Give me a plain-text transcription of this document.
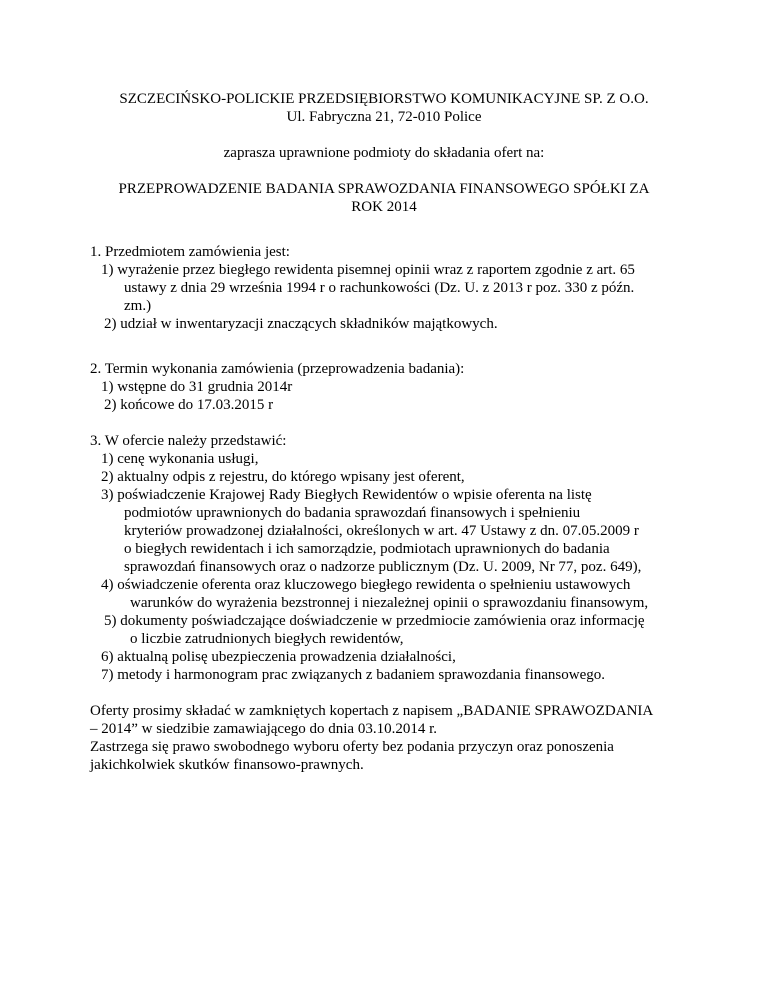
SZCZECIŃSKO-POLICKIE PRZEDSIĘBIORSTWO KOMUNIKACYJNE SP. Z O.O.

Ul. Fabryczna 21, 72-010 Police

zaprasza uprawnione podmioty do składania ofert na:

PRZEPROWADZENIE BADANIA SPRAWOZDANIA FINANSOWEGO SPÓŁKI ZA

ROK 2014

1. Przedmiotem zamówienia jest:

1) wyrażenie przez biegłego rewidenta pisemnej opinii wraz z raportem zgodnie z art. 65

ustawy z dnia 29 września 1994 r o rachunkowości (Dz. U. z 2013 r poz. 330 z późn.

zm.)

2) udział w inwentaryzacji znaczących składników majątkowych.

2. Termin wykonania zamówienia (przeprowadzenia badania):

1) wstępne do 31 grudnia 2014r

2) końcowe do 17.03.2015 r

3. W ofercie należy przedstawić:

1) cenę wykonania usługi,

2) aktualny odpis z rejestru, do którego wpisany jest oferent,

3) poświadczenie Krajowej Rady Biegłych Rewidentów o wpisie oferenta na listę

podmiotów uprawnionych do badania sprawozdań finansowych i spełnieniu

kryteriów prowadzonej działalności, określonych w art. 47 Ustawy z dn. 07.05.2009 r

o biegłych rewidentach i ich samorządzie, podmiotach uprawnionych do badania

sprawozdań finansowych oraz o nadzorze publicznym (Dz. U. 2009, Nr 77, poz. 649),

4) oświadczenie oferenta oraz kluczowego biegłego rewidenta o spełnieniu ustawowych

warunków do wyrażenia bezstronnej i niezależnej opinii o sprawozdaniu finansowym,

5) dokumenty poświadczające doświadczenie w przedmiocie zamówienia oraz informację

o liczbie zatrudnionych biegłych rewidentów,

6) aktualną polisę ubezpieczenia prowadzenia działalności,

7) metody i harmonogram prac związanych z badaniem sprawozdania finansowego.

Oferty prosimy składać w zamkniętych kopertach z napisem „BADANIE SPRAWOZDANIA

– 2014” w siedzibie zamawiającego do dnia 03.10.2014 r.

Zastrzega się prawo swobodnego wyboru oferty bez podania przyczyn oraz ponoszenia

jakichkolwiek skutków finansowo-prawnych.
